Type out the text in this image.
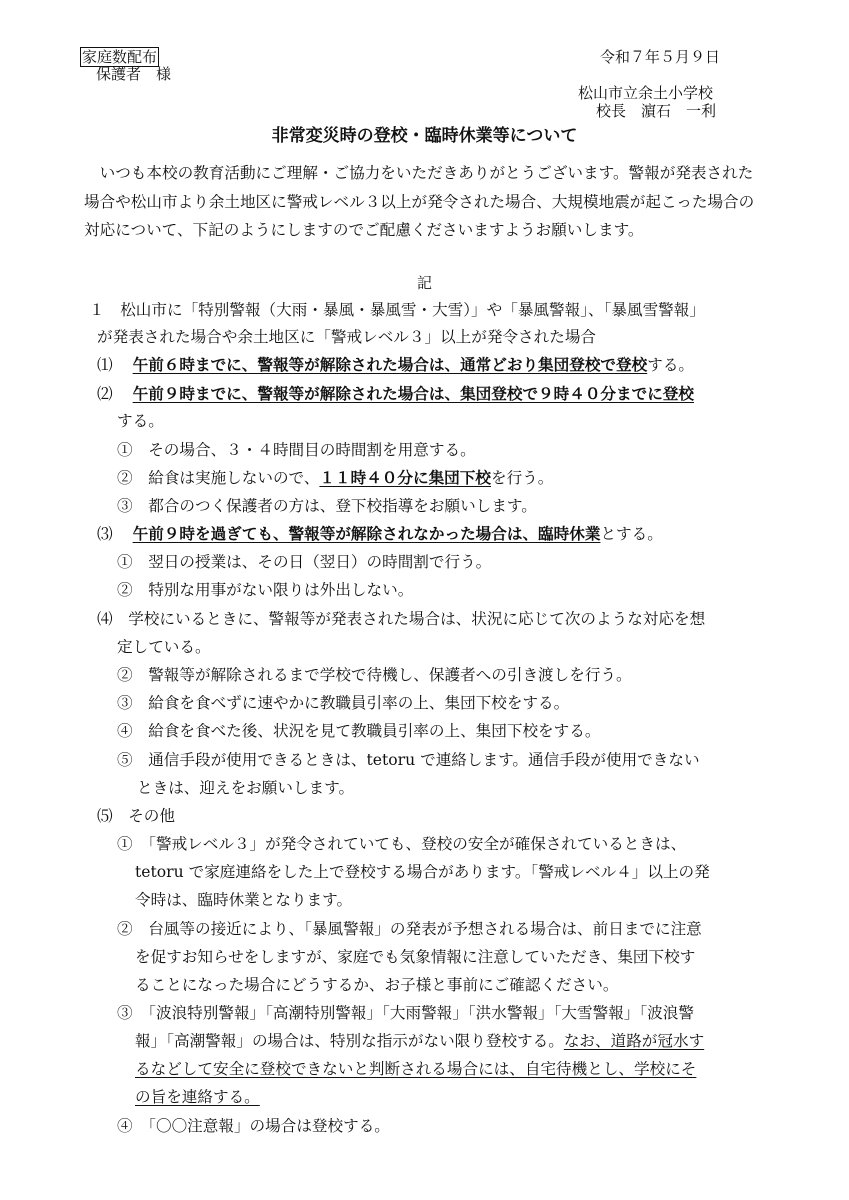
家庭数配布
保護者　様
令和７年５月９日
松山市立余土小学校
校長　濵石　一利
非常変災時の登校・臨時休業等について

いつも本校の教育活動にご理解・ご協力をいただきありがとうございます。警報が発表された場合や松山市より余土地区に警戒レベル３以上が発令された場合、大規模地震が起こった場合の対応について、下記のようにしますのでご配慮くださいますようお願いします。

記
１　松山市に「特別警報（大雨・暴風・暴風雪・大雪）」や「暴風警報」、「暴風雪警報」
が発表された場合や余土地区に「警戒レベル３」以上が発令された場合
⑴ 午前６時までに、警報等が解除された場合は、通常どおり集団登校で登校する。
⑵ 午前９時までに、警報等が解除された場合は、集団登校で９時４０分までに登校
する。
①　その場合、３・４時間目の時間割を用意する。
②　給食は実施しないので、１１時４０分に集団下校を行う。
③　都合のつく保護者の方は、登下校指導をお願いします。
⑶ 午前９時を過ぎても、警報等が解除されなかった場合は、臨時休業とする。
①　翌日の授業は、その日（翌日）の時間割で行う。
②　特別な用事がない限りは外出しない。
⑷　学校にいるときに、警報等が発表された場合は、状況に応じて次のような対応を想
定している。
②　警報等が解除されるまで学校で待機し、保護者への引き渡しを行う。
③　給食を食べずに速やかに教職員引率の上、集団下校をする。
④　給食を食べた後、状況を見て教職員引率の上、集団下校をする。
⑤　通信手段が使用できるときは、tetoru で連絡します。通信手段が使用できない
ときは、迎えをお願いします。
⑸　その他
①　「警戒レベル３」が発令されていても、登校の安全が確保されているときは、
tetoru で家庭連絡をした上で登校する場合があります。「警戒レベル４」以上の発
令時は、臨時休業となります。
②　台風等の接近により、「暴風警報」の発表が予想される場合は、前日までに注意
を促すお知らせをしますが、家庭でも気象情報に注意していただき、集団下校す
ることになった場合にどうするか、お子様と事前にご確認ください。
③　「波浪特別警報」「高潮特別警報」「大雨警報」「洪水警報」「大雪警報」「波浪警
報」「高潮警報」の場合は、特別な指示がない限り登校する。なお、道路が冠水す
るなどして安全に登校できないと判断される場合には、自宅待機とし、学校にそ
の旨を連絡する。
④　「〇〇注意報」の場合は登校する。
